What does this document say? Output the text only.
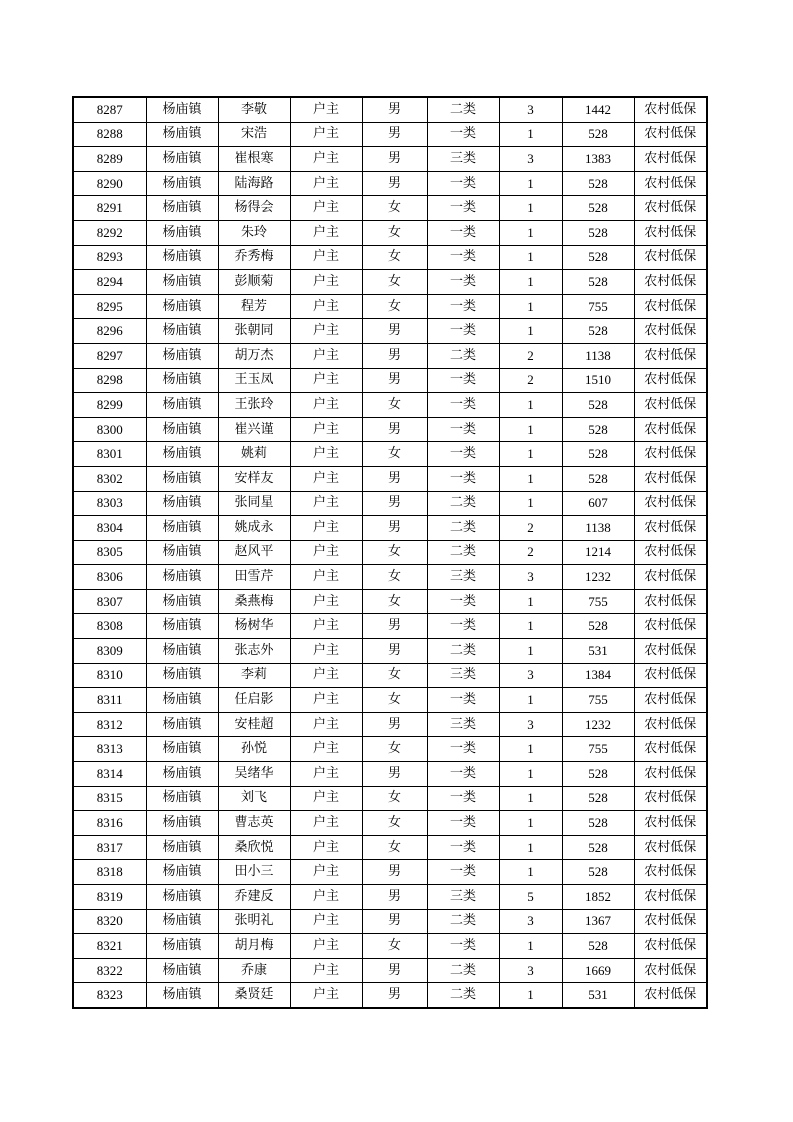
8287	杨庙镇	李敬	户主	男	二类	3	1442	农村低保
8288	杨庙镇	宋浩	户主	男	一类	1	528	农村低保
8289	杨庙镇	崔根寒	户主	男	三类	3	1383	农村低保
8290	杨庙镇	陆海路	户主	男	一类	1	528	农村低保
8291	杨庙镇	杨得会	户主	女	一类	1	528	农村低保
8292	杨庙镇	朱玲	户主	女	一类	1	528	农村低保
8293	杨庙镇	乔秀梅	户主	女	一类	1	528	农村低保
8294	杨庙镇	彭顺菊	户主	女	一类	1	528	农村低保
8295	杨庙镇	程芳	户主	女	一类	1	755	农村低保
8296	杨庙镇	张朝同	户主	男	一类	1	528	农村低保
8297	杨庙镇	胡万杰	户主	男	二类	2	1138	农村低保
8298	杨庙镇	王玉凤	户主	男	一类	2	1510	农村低保
8299	杨庙镇	王张玲	户主	女	一类	1	528	农村低保
8300	杨庙镇	崔兴谨	户主	男	一类	1	528	农村低保
8301	杨庙镇	姚莉	户主	女	一类	1	528	农村低保
8302	杨庙镇	安样友	户主	男	一类	1	528	农村低保
8303	杨庙镇	张同星	户主	男	二类	1	607	农村低保
8304	杨庙镇	姚成永	户主	男	二类	2	1138	农村低保
8305	杨庙镇	赵风平	户主	女	二类	2	1214	农村低保
8306	杨庙镇	田雪芹	户主	女	三类	3	1232	农村低保
8307	杨庙镇	桑燕梅	户主	女	一类	1	755	农村低保
8308	杨庙镇	杨树华	户主	男	一类	1	528	农村低保
8309	杨庙镇	张志外	户主	男	二类	1	531	农村低保
8310	杨庙镇	李莉	户主	女	三类	3	1384	农村低保
8311	杨庙镇	任启影	户主	女	一类	1	755	农村低保
8312	杨庙镇	安桂超	户主	男	三类	3	1232	农村低保
8313	杨庙镇	孙悦	户主	女	一类	1	755	农村低保
8314	杨庙镇	吴绪华	户主	男	一类	1	528	农村低保
8315	杨庙镇	刘飞	户主	女	一类	1	528	农村低保
8316	杨庙镇	曹志英	户主	女	一类	1	528	农村低保
8317	杨庙镇	桑欣悦	户主	女	一类	1	528	农村低保
8318	杨庙镇	田小三	户主	男	一类	1	528	农村低保
8319	杨庙镇	乔建反	户主	男	三类	5	1852	农村低保
8320	杨庙镇	张明礼	户主	男	二类	3	1367	农村低保
8321	杨庙镇	胡月梅	户主	女	一类	1	528	农村低保
8322	杨庙镇	乔康	户主	男	二类	3	1669	农村低保
8323	杨庙镇	桑贤廷	户主	男	二类	1	531	农村低保
